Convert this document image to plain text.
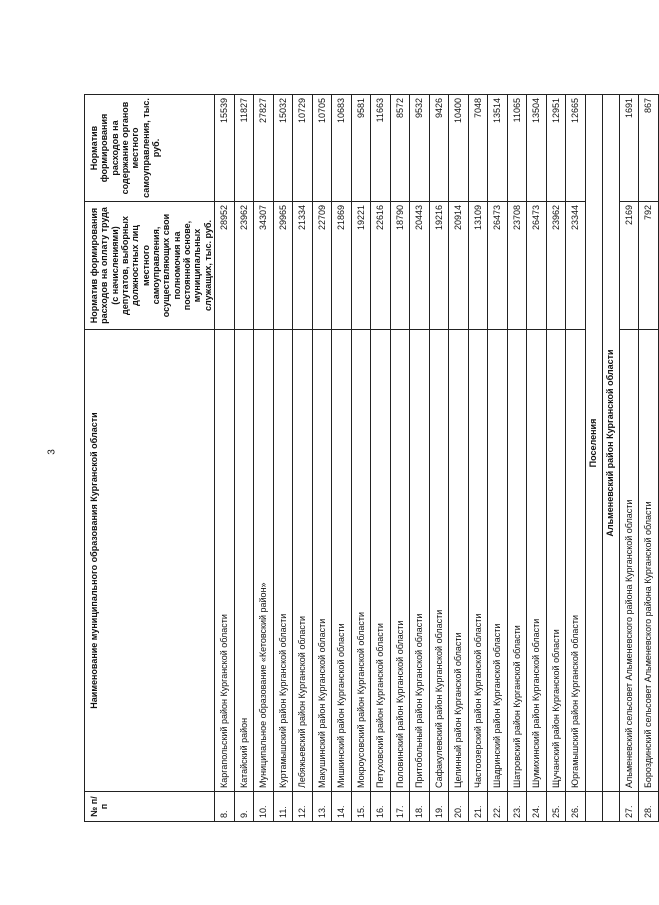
3
№ п/п	Наименование муниципального образования Курганской области	Норматив формирования расходов на оплату труда (с начислениями) депутатов, выборных должностных лиц местного самоуправления, осуществляющих свои полномочия на постоянной основе, муниципальных служащих, тыс. руб.	Норматив формирования расходов на содержание органов местного самоуправления, тыс. руб.
8.	Каргапольский район Курганской области	28952	15539
9.	Катайский район	23962	11827
10.	Муниципальное образование «Кетовский район»	34307	27827
11.	Куртамышский район Курганской области	29965	15032
12.	Лебяжьевский район Курганской области	21334	10729
13.	Макушинский район Курганской области	22709	10705
14.	Мишкинский район Курганской области	21869	10683
15.	Мокроусовский район Курганской области	19221	9581
16.	Петуховский район Курганской области	22616	11663
17.	Половинский район Курганской области	18790	8572
18.	Притобольный район Курганской области	20443	9532
19.	Сафакулевский район Курганской области	19216	9426
20.	Целинный район Курганской области	20914	10400
21.	Частоозерский район Курганской области	13109	7048
22.	Шадринский район Курганской области	26473	13514
23.	Шатровский район Курганской области	23708	11065
24.	Шумихинский район Курганской области	26473	13504
25.	Щучанский район Курганской области	23962	12951
26.	Юргамышский район Курганской области	23344	12665
	Поселения		
	Альменевский район Курганской области		
27.	Альменевский сельсовет Альменевского района Курганской области	2169	1691
28.	Бороздинский сельсовет Альменевского района Курганской области	792	867
